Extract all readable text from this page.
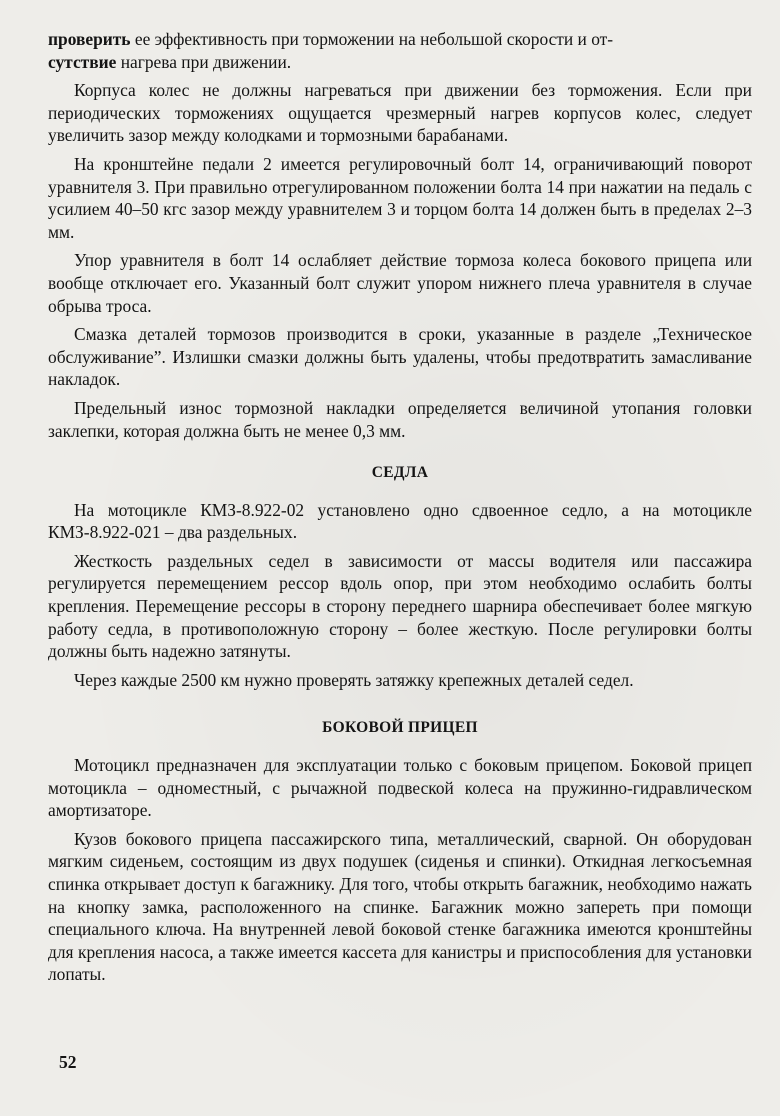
проверить ее эффективность при торможении на небольшой скорости и от-
сутствие нагрева при движении.

Корпуса колес не должны нагреваться при движении без торможения. Если при периодических торможениях ощущается чрезмерный нагрев корпусов колес, следует увеличить зазор между колодками и тормозными барабанами.

На кронштейне педали 2 имеется регулировочный болт 14, ограничивающий поворот уравнителя 3. При правильно отрегулированном положении болта 14 при нажатии на педаль с усилием 40–50 кгс зазор между уравнителем 3 и торцом болта 14 должен быть в пределах 2–3 мм.

Упор уравнителя в болт 14 ослабляет действие тормоза колеса бокового прицепа или вообще отключает его. Указанный болт служит упором нижнего плеча уравнителя в случае обрыва троса.

Смазка деталей тормозов производится в сроки, указанные в разделе „Техническое обслуживание”. Излишки смазки должны быть удалены, чтобы предотвратить замасливание накладок.

Предельный износ тормозной накладки определяется величиной утопания головки заклепки, которая должна быть не менее 0,3 мм.

СЕДЛА

На мотоцикле КМЗ-8.922-02 установлено одно сдвоенное седло, а на мотоцикле КМЗ-8.922-021 – два раздельных.

Жесткость раздельных седел в зависимости от массы водителя или пассажира регулируется перемещением рессор вдоль опор, при этом необходимо ослабить болты крепления. Перемещение рессоры в сторону переднего шарнира обеспечивает более мягкую работу седла, в противоположную сторону – более жесткую. После регулировки болты должны быть надежно затянуты.

Через каждые 2500 км нужно проверять затяжку крепежных деталей седел.

БОКОВОЙ ПРИЦЕП

Мотоцикл предназначен для эксплуатации только с боковым прицепом. Боковой прицеп мотоцикла – одноместный, с рычажной подвеской колеса на пружинно-гидравлическом амортизаторе.

Кузов бокового прицепа пассажирского типа, металлический, сварной. Он оборудован мягким сиденьем, состоящим из двух подушек (сиденья и спинки). Откидная легкосъемная спинка открывает доступ к багажнику. Для того, чтобы открыть багажник, необходимо нажать на кнопку замка, расположенного на спинке. Багажник можно запереть при помощи специального ключа. На внутренней левой боковой стенке багажника имеются кронштейны для крепления насоса, а также имеется кассета для канистры и приспособления для установки лопаты.

52
